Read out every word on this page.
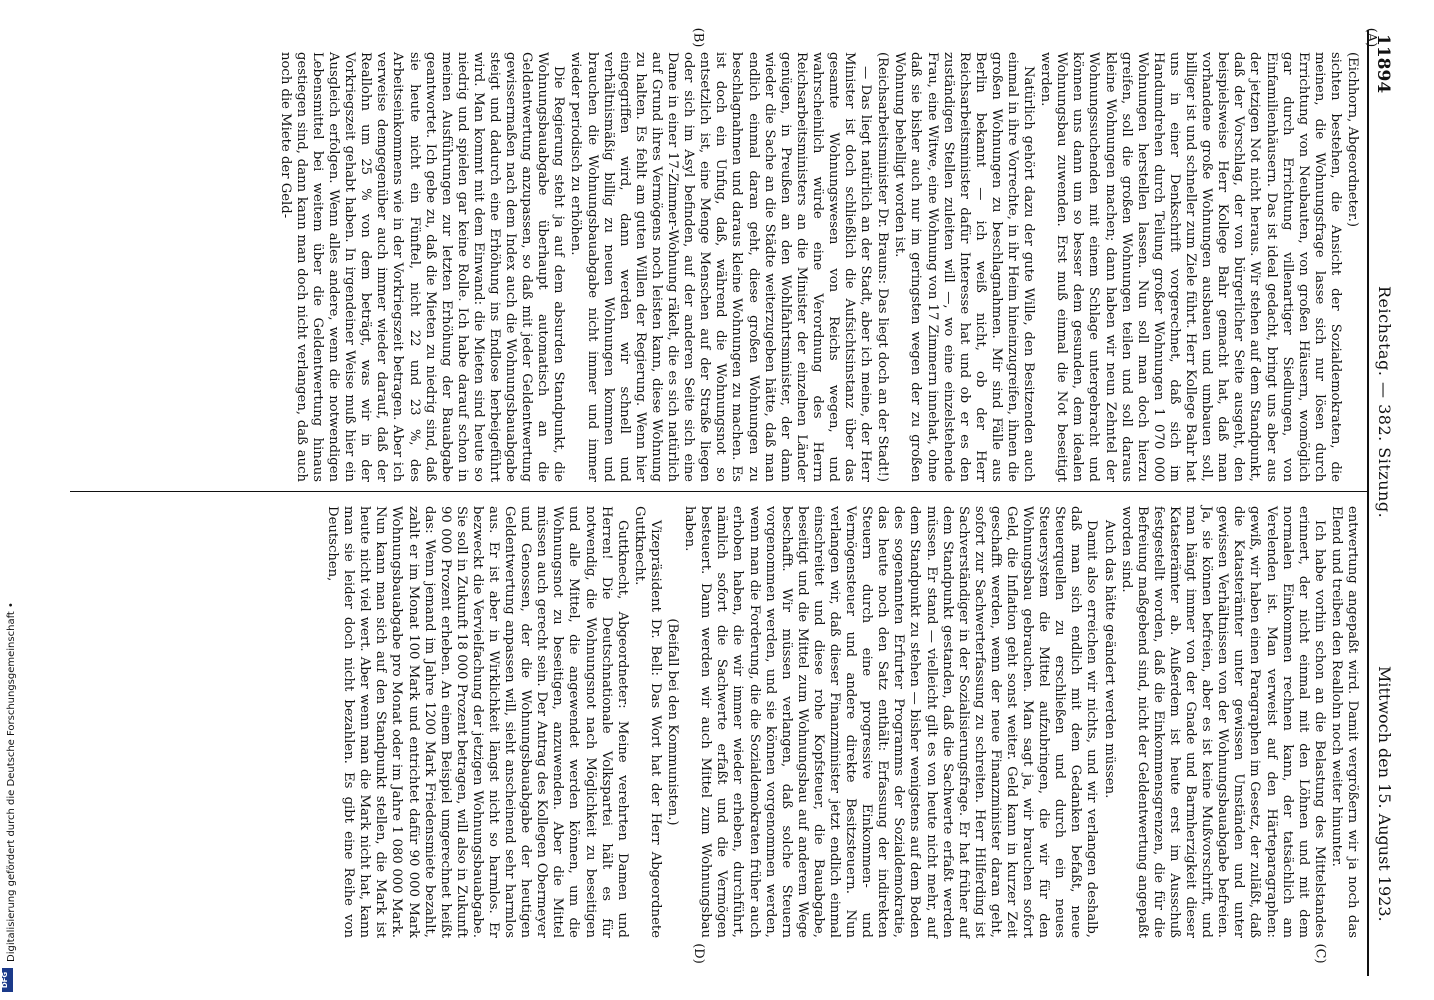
11894
Reichstag. — 382. Sitzung.
Mittwoch den 15. August 1923.
(A)
(B)
(C)
(D)

(Eichhorn, Abgeordneter.)

sichten bestehen, die Ansicht der Sozialdemokraten, die meinen, die Wohnungsfrage lasse sich nur lösen durch Errichtung von Neubauten, von großen Häusern, womöglich gar durch Errichtung villenartiger Siedlungen, von Einfamilienhäusern. Das ist ideal gedacht, bringt uns aber aus der jetzigen Not nicht heraus. Wir stehen auf dem Standpunkt, daß der Vorschlag, der von bürgerlicher Seite ausgeht, den beispielsweise Herr Kollege Bahr gemacht hat, daß man vorhandene große Wohnungen ausbauen und umbauen soll, billiger ist und schneller zum Ziele führt. Herr Kollege Bahr hat uns in einer Denkschrift vorgerechnet, daß sich im Handumdrehen durch Teilung großer Wohnungen 1 070 000 Wohnungen herstellen lassen. Nun soll man doch hierzu greifen, soll die großen Wohnungen teilen und soll daraus kleine Wohnungen machen; dann haben wir neun Zehntel der Wohnungssuchenden mit einem Schlage untergebracht und können uns dann um so besser dem gesunden, dem idealen Wohnungsbau zuwenden. Erst muß einmal die Not beseitigt werden.

Natürlich gehört dazu der gute Wille, den Besitzenden auch einmal in ihre Vorrechte, in ihr Heim hineinzugreifen, ihnen die großen Wohnungen zu beschlagnahmen. Mir sind Fälle aus Berlin bekannt — ich weiß nicht, ob der Herr Reichsarbeitsminister dafür Interesse hat und ob er es den zuständigen Stellen zuleiten will —, wo eine einzelstehende Frau, eine Witwe, eine Wohnung von 17 Zimmern innehat, ohne daß sie bisher auch nur im geringsten wegen der zu großen Wohnung behelligt worden ist.

(Reichsarbeitsminister Dr. Brauns: Das liegt doch an der Stadt!)

— Das liegt natürlich an der Stadt, aber ich meine, der Herr Minister ist doch schließlich die Aufsichtsinstanz über das gesamte Wohnungswesen von Reichs wegen, und wahrscheinlich würde eine Verordnung des Herrn Reichsarbeitsministers an die Minister der einzelnen Länder genügen, in Preußen an den Wohlfahrtsminister, der dann wieder die Sache an die Städte weiterzugeben hätte, daß man endlich einmal daran geht, diese großen Wohnungen zu beschlagnahmen und daraus kleine Wohnungen zu machen. Es ist doch ein Unfug, daß, während die Wohnungsnot so entsetzlich ist, eine Menge Menschen auf der Straße liegen oder sich im Asyl befinden, auf der anderen Seite sich eine Dame in einer 17-Zimmer-Wohnung räkelt, die es sich natürlich auf Grund ihres Vermögens noch leisten kann, diese Wohnung zu halten. Es fehlt am guten Willen der Regierung. Wenn hier eingegriffen wird, dann werden wir schnell und verhältnismäßig billig zu neuen Wohnungen kommen und brauchen die Wohnungsbauabgabe nicht immer und immer wieder periodisch zu erhöhen.

Die Regierung steht ja auf dem absurden Standpunkt, die Wohnungsbauabgabe überhaupt automatisch an die Geldentwertung anzupassen, so daß mit jeder Geldentwertung gewissermaßen nach dem Index auch die Wohnungsbauabgabe steigt und dadurch eine Erhöhung ins Endlose herbeigeführt wird. Man kommt mit dem Einwand: die Mieten sind heute so niedrig und spielen gar keine Rolle. Ich habe darauf schon in meinen Ausführungen zur letzten Erhöhung der Bauabgabe geantwortet. Ich gebe zu, daß die Mieten zu niedrig sind, daß sie heute nicht ein Fünftel, nicht 22 und 23 %, des Arbeitseinkommens wie in der Vorkriegszeit betragen. Aber ich verweise demgegenüber auch immer wieder darauf, daß der Reallohn um 25 % von dem beträgt, was wir in der Vorkriegszeit gehabt haben. In irgendeiner Weise muß hier ein Ausgleich erfolgen. Wenn alles andere, wenn die notwendigen Lebensmittel bei weitem über die Geldentwertung hinaus gestiegen sind, dann kann man doch nicht verlangen, daß auch noch die Miete der Geld-

entwertung angepaßt wird. Damit vergrößern wir ja noch das Elend und treiben den Reallohn noch weiter hinunter.

Ich habe vorhin schon an die Belastung des Mittelstandes erinnert, der nicht einmal mit den Löhnen und mit dem normalen Einkommen rechnen kann, der tatsächlich am Verelenden ist. Man verweist auf den Härteparagraphen: gewiß, wir haben einen Paragraphen im Gesetz, der zuläßt, daß die Katasterämter unter gewissen Umständen und unter gewissen Verhältnissen von der Wohnungsbauabgabe befreien. Ja, sie können befreien, aber es ist keine Mußvorschrift, und man hängt immer von der Gnade und Barmherzigkeit dieser Katasterämter ab. Außerdem ist heute erst im Ausschuß festgestellt worden, daß die Einkommensgrenzen, die für die Befreiung maßgebend sind, nicht der Geldentwertung angepaßt worden sind.

Auch das hätte geändert werden müssen.

Damit also erreichen wir nichts, und wir verlangen deshalb, daß man sich endlich mit dem Gedanken befaßt, neue Steuerquellen zu erschließen und durch ein neues Steuersystem die Mittel aufzubringen, die wir für den Wohnungsbau gebrauchen. Man sagt ja, wir brauchen sofort Geld, die Inflation geht sonst weiter. Geld kann in kurzer Zeit geschafft werden, wenn der neue Finanzminister daran geht, sofort zur Sachwerterfassung zu schreiten. Herr Hilferding ist Sachverständiger in der Sozialisierungsfrage. Er hat früher auf dem Standpunkt gestanden, daß die Sachwerte erfaßt werden müssen. Er stand — vielleicht gilt es von heute nicht mehr, auf dem Standpunkt zu stehen — bisher wenigstens auf dem Boden des sogenannten Erfurter Programms der Sozialdemokratie, das heute noch den Satz enthält: Erfassung der indirekten Steuern durch eine progressive Einkommen- und Vermögensteuer und andere direkte Besitzsteuern. Nun verlangen wir, daß dieser Finanzminister jetzt endlich einmal einschreitet und diese rohe Kopfsteuer, die Bauabgabe, beseitigt und die Mittel zum Wohnungsbau auf anderem Wege beschafft. Wir müssen verlangen, daß solche Steuern vorgenommen werden, und sie können vorgenommen werden, wenn man die Forderung, die die Sozialdemokraten früher auch erhoben haben, die wir immer wieder erheben, durchführt, nämlich sofort die Sachwerte erfaßt und die Vermögen besteuert. Dann werden wir auch Mittel zum Wohnungsbau haben.

(Beifall bei den Kommunisten.)

Vizepräsident Dr. Bell: Das Wort hat der Herr Abgeordnete Guttknecht.

Guttknecht, Abgeordneter: Meine verehrten Damen und Herren! Die Deutschnationale Volkspartei hält es für notwendig, die Wohnungsnot nach Möglichkeit zu beseitigen und alle Mittel, die angewendet werden können, um die Wohnungsnot zu beseitigen, anzuwenden. Aber die Mittel müssen auch gerecht sein. Der Antrag des Kollegen Obermeyer und Genossen, der die Wohnungsbauabgabe der heutigen Geldentwertung anpassen will, sieht anscheinend sehr harmlos aus. Er ist aber in Wirklichkeit längst nicht so harmlos. Er bezweckt die Vervielfachung der jetzigen Wohnungsbauabgabe. Sie soll in Zukunft 18 000 Prozent betragen, will also in Zukunft 90 000 Prozent erheben. An einem Beispiel umgerechnet heißt das: Wenn jemand im Jahre 1200 Mark Friedensmiete bezahlt, zahlt er im Monat 100 Mark und entrichtet dafür 90 000 Mark Wohnungsbauabgabe pro Monat oder im Jahre 1 080 000 Mark. Nun kann man sich auf den Standpunkt stellen, die Mark ist heute nicht viel wert. Aber wenn man die Mark nicht hat, kann man sie leider doch nicht bezahlen. Es gibt eine Reihe von Deutschen,

Digitalisierung gefördert durch die Deutsche Forschungsgemeinschaft •
DFG
